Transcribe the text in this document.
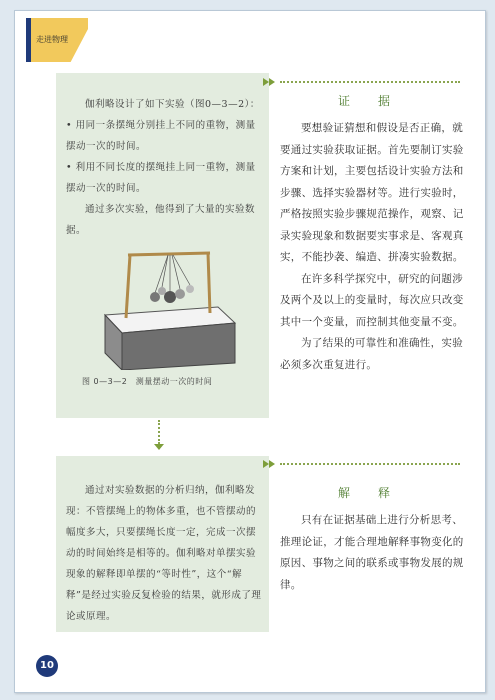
走进物理

伽利略设计了如下实验（图0—3—2）：

• 用同一条摆绳分别挂上不同的重物，测量摆动一次的时间。

• 利用不同长度的摆绳挂上同一重物，测量摆动一次的时间。

通过多次实验，他得到了大量的实验数据。

图 0—3—2　测量摆动一次的时间
证　据

要想验证猜想和假设是否正确，就要通过实验获取证据。首先要制订实验方案和计划，主要包括设计实验方法和步骤、选择实验器材等。进行实验时，严格按照实验步骤规范操作，观察、记录实验现象和数据要实事求是、客观真实，不能抄袭、编造、拼凑实验数据。

在许多科学探究中，研究的问题涉及两个及以上的变量时，每次应只改变其中一个变量，而控制其他变量不变。

为了结果的可靠性和准确性，实验必须多次重复进行。

通过对实验数据的分析归纳，伽利略发现：不管摆绳上的物体多重，也不管摆动的幅度多大，只要摆绳长度一定，完成一次摆动的时间始终是相等的。伽利略对单摆实验现象的解释即单摆的“等时性”，这个“解释”是经过实验反复检验的结果，就形成了理论或原理。

解　释

只有在证据基础上进行分析思考、推理论证，才能合理地解释事物变化的原因、事物之间的联系或事物发展的规律。

10
